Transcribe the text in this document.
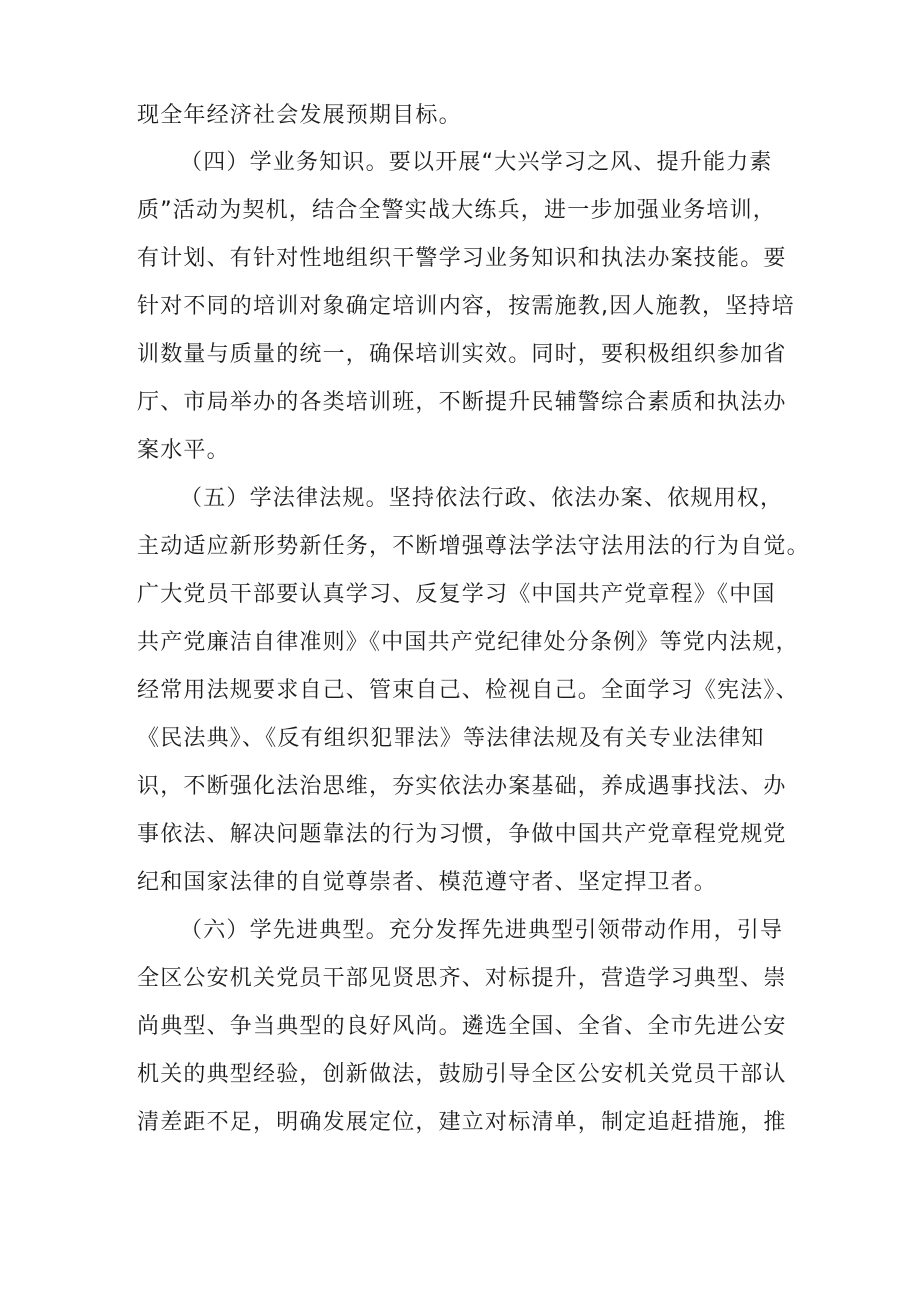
现全年经济社会发展预期目标。
（四）学业务知识。要以开展“大兴学习之风、提升能力素
质”活动为契机，结合全警实战大练兵，进一步加强业务培训，
有计划、有针对性地组织干警学习业务知识和执法办案技能。要
针对不同的培训对象确定培训内容，按需施教,因人施教，坚持培
训数量与质量的统一，确保培训实效。同时，要积极组织参加省
厅、市局举办的各类培训班，不断提升民辅警综合素质和执法办
案水平。
（五）学法律法规。坚持依法行政、依法办案、依规用权，
主动适应新形势新任务，不断增强尊法学法守法用法的行为自觉。
广大党员干部要认真学习、反复学习《中国共产党章程》《中国
共产党廉洁自律准则》《中国共产党纪律处分条例》等党内法规，
经常用法规要求自己、管束自己、检视自己。全面学习《宪法》、
《民法典》、《反有组织犯罪法》等法律法规及有关专业法律知
识，不断强化法治思维，夯实依法办案基础，养成遇事找法、办
事依法、解决问题靠法的行为习惯，争做中国共产党章程党规党
纪和国家法律的自觉尊崇者、模范遵守者、坚定捍卫者。
（六）学先进典型。充分发挥先进典型引领带动作用，引导
全区公安机关党员干部见贤思齐、对标提升，营造学习典型、崇
尚典型、争当典型的良好风尚。遴选全国、全省、全市先进公安
机关的典型经验，创新做法，鼓励引导全区公安机关党员干部认
清差距不足，明确发展定位，建立对标清单，制定追赶措施，推
